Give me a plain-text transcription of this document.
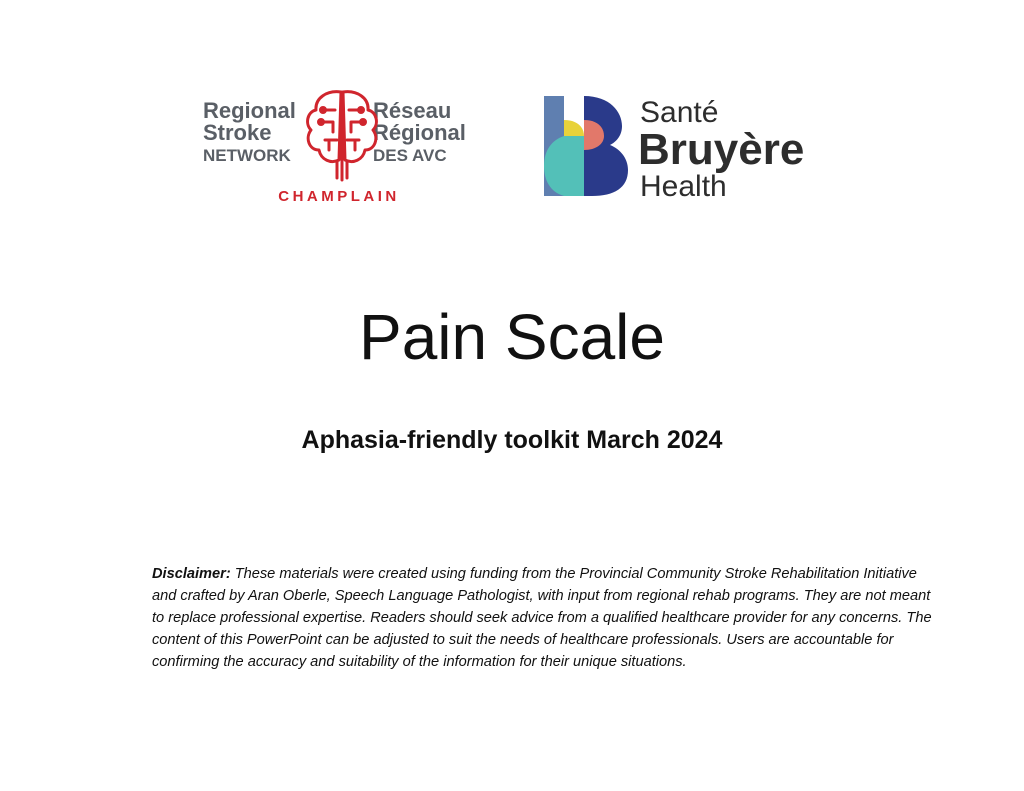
Regional
Stroke
NETWORK
Réseau
Régional
DES AVC
CHAMPLAIN
Santé
Bruyère
Health
Pain Scale
Aphasia-friendly toolkit March 2024
Disclaimer: These materials were created using funding from the Provincial Community Stroke Rehabilitation Initiative and crafted by Aran Oberle, Speech Language Pathologist, with input from regional rehab programs. They are not meant to replace professional expertise. Readers should seek advice from a qualified healthcare provider for any concerns. The content of this PowerPoint can be adjusted to suit the needs of healthcare professionals. Users are accountable for confirming the accuracy and suitability of the information for their unique situations.
